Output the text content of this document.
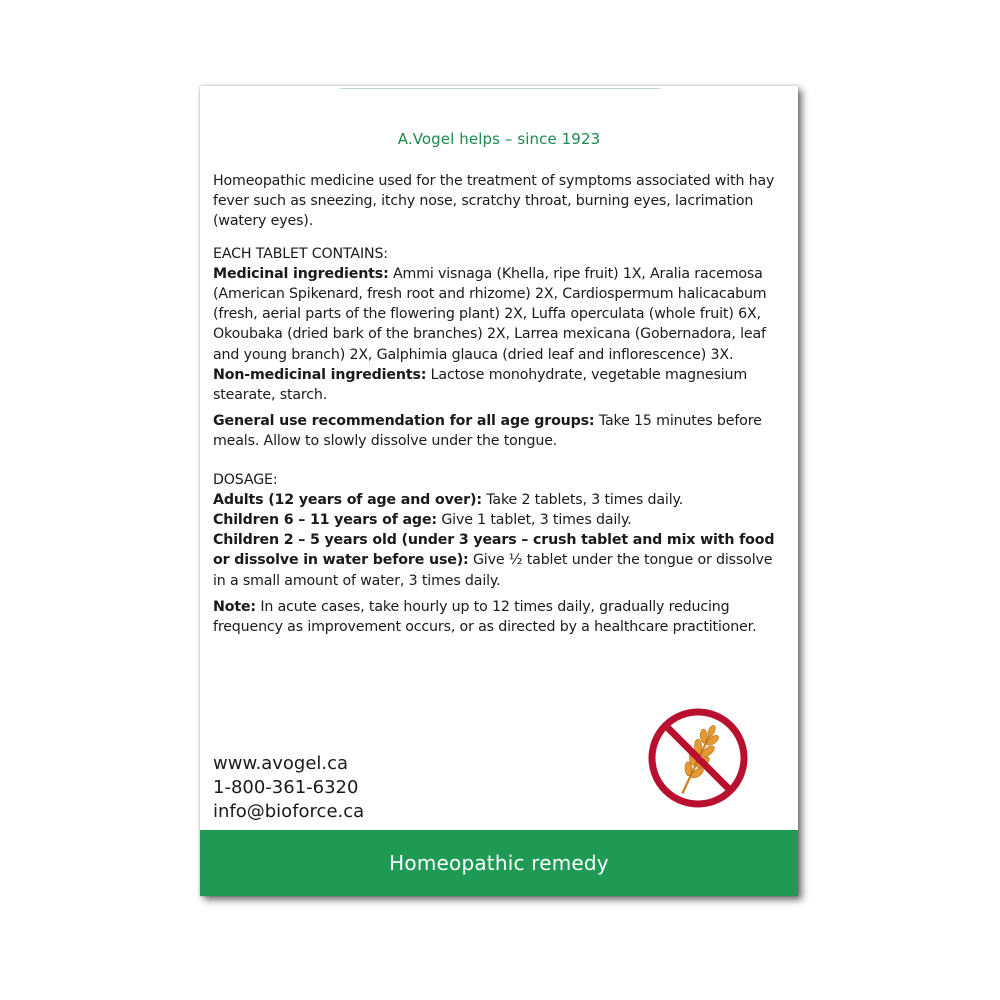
A.Vogel helps – since 1923

Homeopathic medicine used for the treatment of symptoms associated with hay fever such as sneezing, itchy nose, scratchy throat, burning eyes, lacrimation (watery eyes).

EACH TABLET CONTAINS:

Medicinal ingredients: Ammi visnaga (Khella, ripe fruit) 1X, Aralia racemosa (American Spikenard, fresh root and rhizome) 2X, Cardiospermum halicacabum (fresh, aerial parts of the flowering plant) 2X, Luffa operculata (whole fruit) 6X, Okoubaka (dried bark of the branches) 2X, Larrea mexicana (Gobernadora, leaf and young branch) 2X, Galphimia glauca (dried leaf and inflorescence) 3X.

Non-medicinal ingredients: Lactose monohydrate, vegetable magnesium stearate, starch.

General use recommendation for all age groups: Take 15 minutes before meals. Allow to slowly dissolve under the tongue.

DOSAGE:

Adults (12 years of age and over): Take 2 tablets, 3 times daily.

Children 6 – 11 years of age: Give 1 tablet, 3 times daily.

Children 2 – 5 years old (under 3 years – crush tablet and mix with food or dissolve in water before use): Give ½ tablet under the tongue or dissolve in a small amount of water, 3 times daily.

Note: In acute cases, take hourly up to 12 times daily, gradually reducing frequency as improvement occurs, or as directed by a healthcare practitioner.

www.avogel.ca
1-800-361-6320
info@bioforce.ca
Homeopathic remedy
